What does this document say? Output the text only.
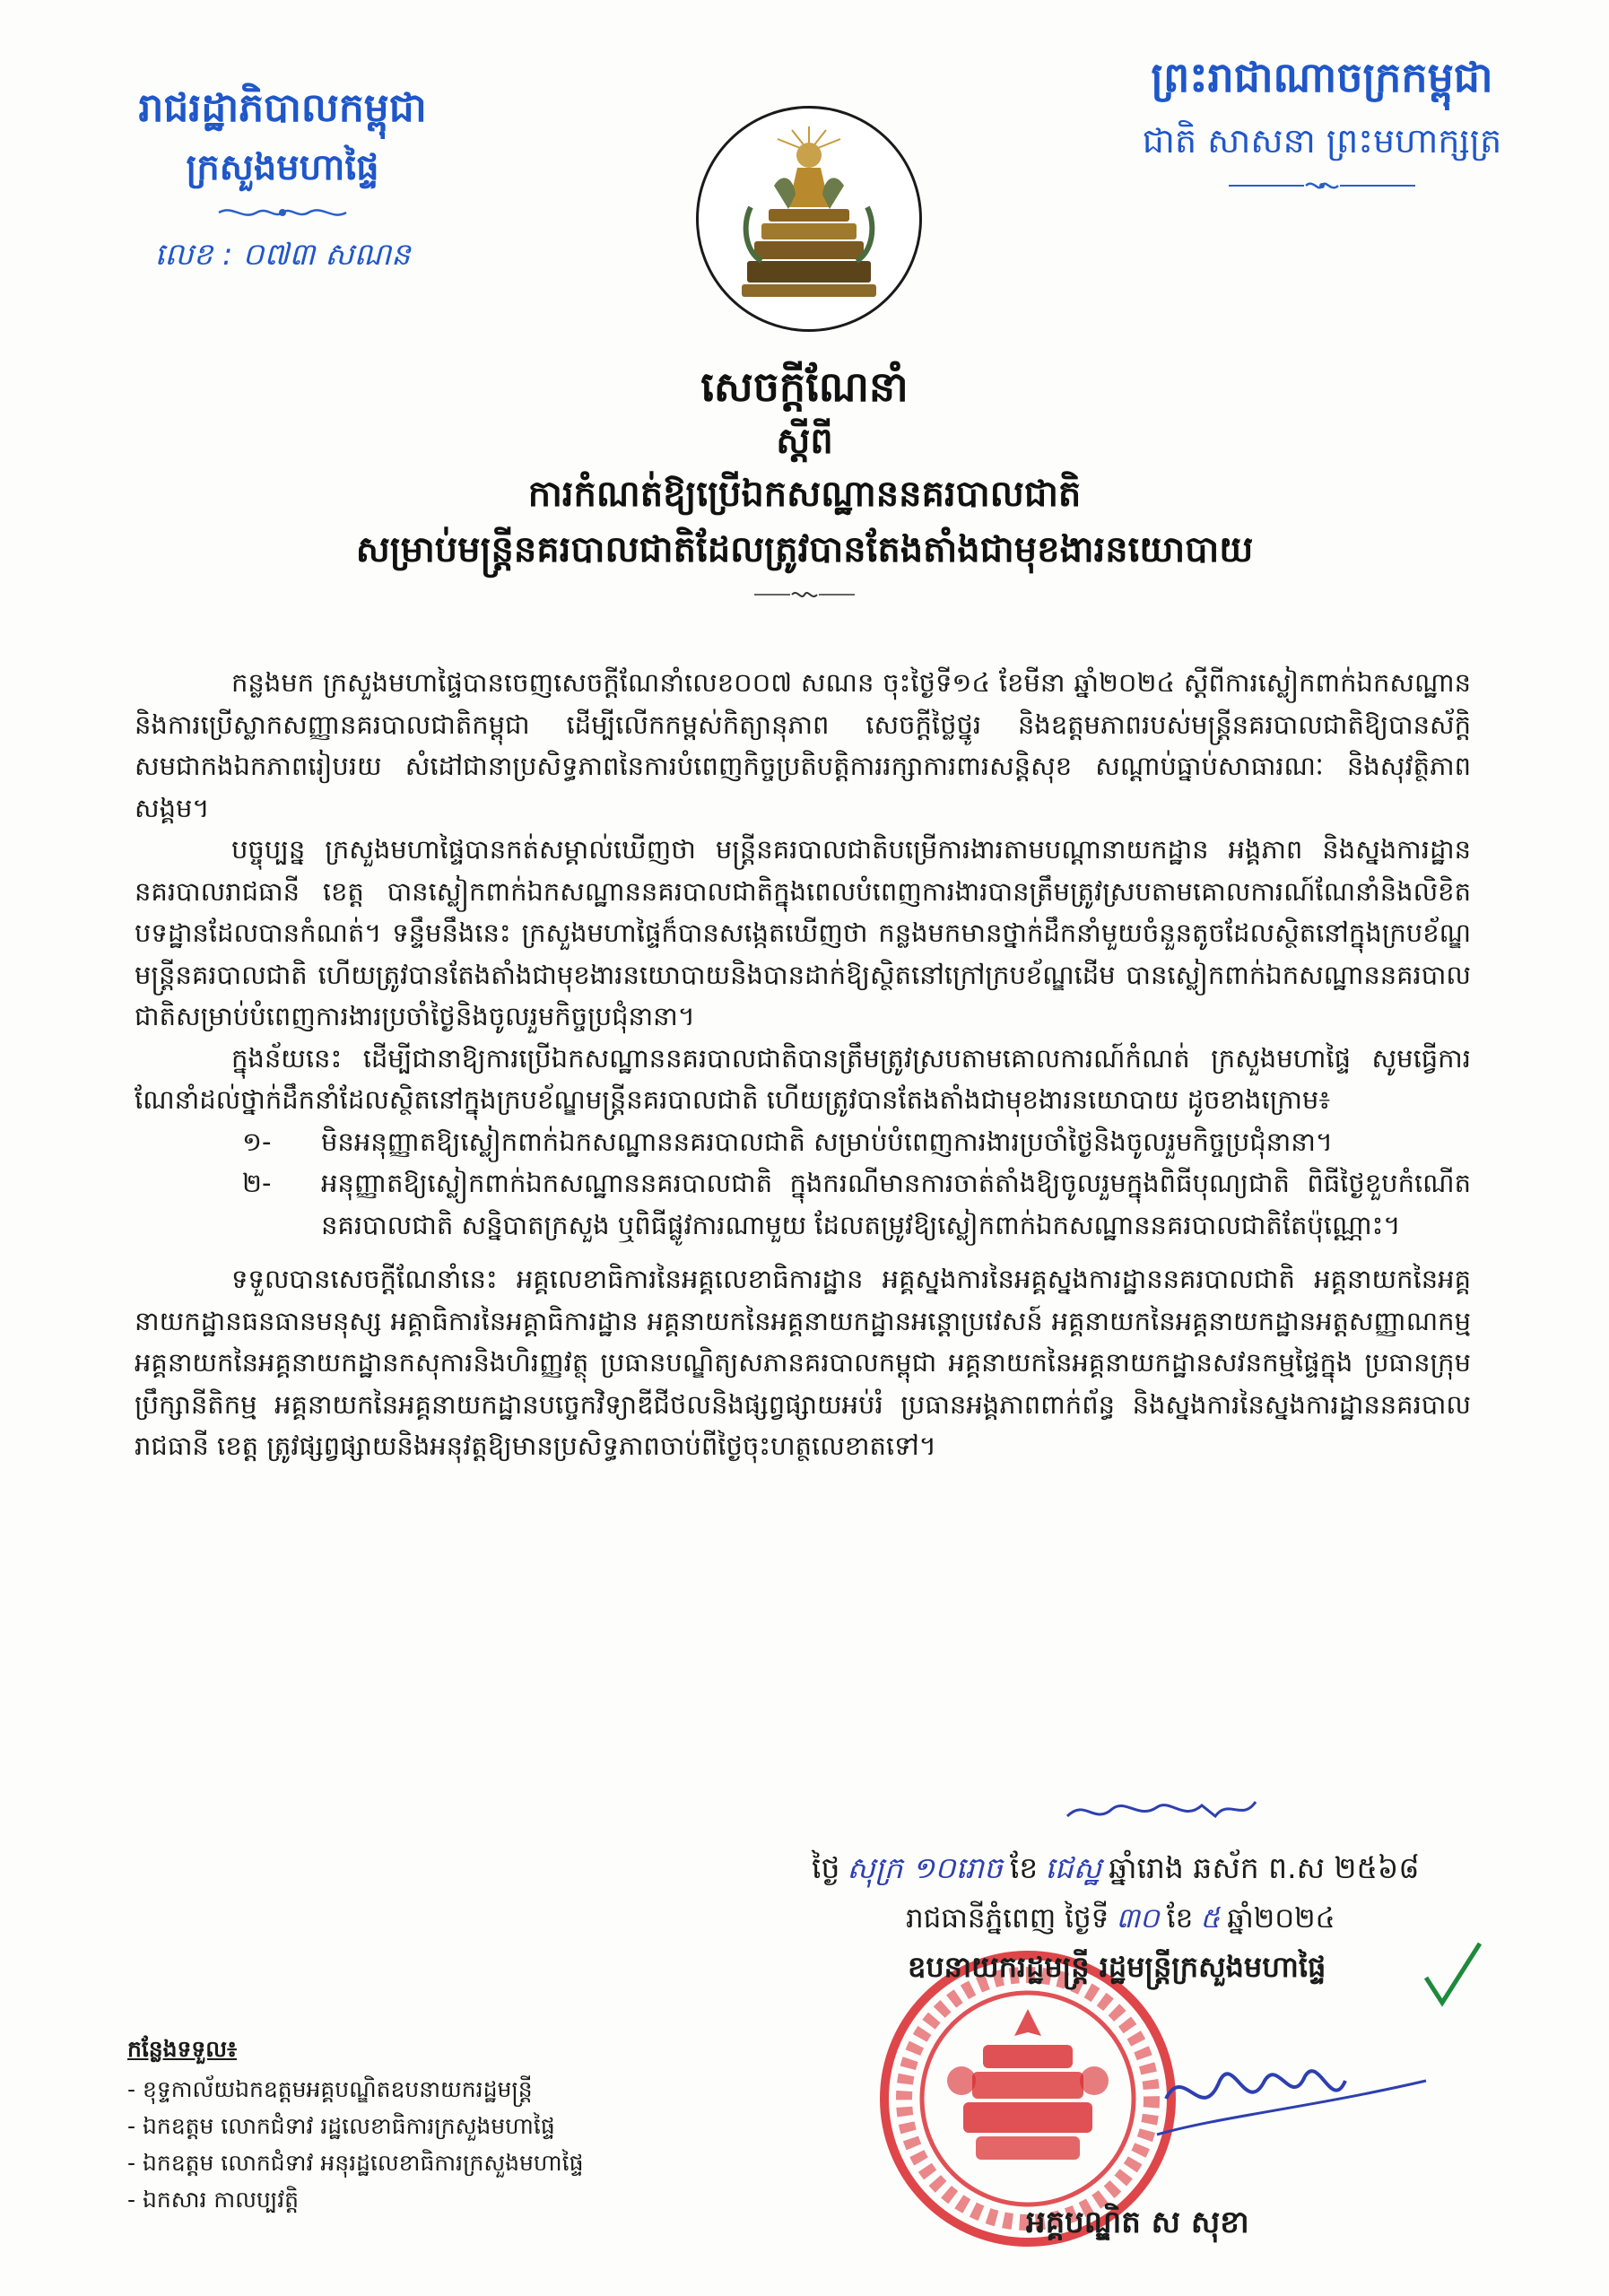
រាជរដ្ឋាភិបាលកម្ពុជា
ក្រសួងមហាផ្ទៃ
លេខ : ០៧៣ សណន
ព្រះរាជាណាចក្រកម្ពុជា
ជាតិ សាសនា ព្រះមហាក្សត្រ
សេចក្តីណែនាំ
ស្តីពី
ការកំណត់ឱ្យប្រើឯកសណ្ឋាននគរបាលជាតិ
សម្រាប់មន្ត្រីនគរបាលជាតិដែលត្រូវបានតែងតាំងជាមុខងារនយោបាយ

កន្លងមក ក្រសួងមហាផ្ទៃបានចេញសេចក្តីណែនាំលេខ០០៧ សណន ចុះថ្ងៃទី១៤ ខែមីនា ឆ្នាំ២០២៤ ស្តីពីការស្លៀកពាក់ឯកសណ្ឋាននិងការប្រើស្លាកសញ្ញានគរបាលជាតិកម្ពុជា ដើម្បីលើកកម្ពស់កិត្យានុភាព សេចក្តីថ្លៃថ្នូរ និងឧត្តមភាពរបស់មន្ត្រីនគរបាលជាតិឱ្យបានស័ក្តិសមជាកងឯកភាពរៀបរយ សំដៅជានាប្រសិទ្ធភាពនៃការបំពេញកិច្ចប្រតិបត្តិការរក្សាការពារសន្តិសុខ សណ្តាប់ធ្នាប់សាធារណៈ និងសុវត្ថិភាពសង្គម។

បច្ចុប្បន្ន ក្រសួងមហាផ្ទៃបានកត់សម្គាល់ឃើញថា មន្ត្រីនគរបាលជាតិបម្រើការងារតាមបណ្តានាយកដ្ឋាន អង្គភាព និងស្នងការដ្ឋាននគរបាលរាជធានី ខេត្ត បានស្លៀកពាក់ឯកសណ្ឋាននគរបាលជាតិក្នុងពេលបំពេញការងារបានត្រឹមត្រូវស្របតាមគោលការណ៍ណែនាំនិងលិខិតបទដ្ឋានដែលបានកំណត់។ ទន្ទឹមនឹងនេះ ក្រសួងមហាផ្ទៃក៏បានសង្កេតឃើញថា កន្លងមកមានថ្នាក់ដឹកនាំមួយចំនួនតូចដែលស្ថិតនៅក្នុងក្របខ័ណ្ឌមន្ត្រីនគរបាលជាតិ ហើយត្រូវបានតែងតាំងជាមុខងារនយោបាយនិងបានដាក់ឱ្យស្ថិតនៅក្រៅក្របខ័ណ្ឌដើម បានស្លៀកពាក់ឯកសណ្ឋាននគរបាលជាតិសម្រាប់បំពេញការងារប្រចាំថ្ងៃនិងចូលរួមកិច្ចប្រជុំនានា។

ក្នុងន័យនេះ ដើម្បីជានាឱ្យការប្រើឯកសណ្ឋាននគរបាលជាតិបានត្រឹមត្រូវស្របតាមគោលការណ៍កំណត់ ក្រសួងមហាផ្ទៃ សូមធ្វើការណែនាំដល់ថ្នាក់ដឹកនាំដែលស្ថិតនៅក្នុងក្របខ័ណ្ឌមន្ត្រីនគរបាលជាតិ ហើយត្រូវបានតែងតាំងជាមុខងារនយោបាយ ដូចខាងក្រោម៖

១- មិនអនុញ្ញាតឱ្យស្លៀកពាក់ឯកសណ្ឋាននគរបាលជាតិ សម្រាប់បំពេញការងារប្រចាំថ្ងៃនិងចូលរួមកិច្ចប្រជុំនានា។

២- អនុញ្ញាតឱ្យស្លៀកពាក់ឯកសណ្ឋាននគរបាលជាតិ ក្នុងករណីមានការចាត់តាំងឱ្យចូលរួមក្នុងពិធីបុណ្យជាតិ ពិធីថ្ងៃខួបកំណើតនគរបាលជាតិ សន្និបាតក្រសួង ឬពិធីផ្លូវការណាមួយ ដែលតម្រូវឱ្យស្លៀកពាក់ឯកសណ្ឋាននគរបាលជាតិតែប៉ុណ្ណោះ។

ទទួលបានសេចក្តីណែនាំនេះ អគ្គលេខាធិការនៃអគ្គលេខាធិការដ្ឋាន អគ្គស្នងការនៃអគ្គស្នងការដ្ឋាននគរបាលជាតិ អគ្គនាយកនៃអគ្គនាយកដ្ឋានធនធានមនុស្ស អគ្គាធិការនៃអគ្គាធិការដ្ឋាន អគ្គនាយកនៃអគ្គនាយកដ្ឋានអន្តោប្រវេសន៍ អគ្គនាយកនៃអគ្គនាយកដ្ឋានអត្តសញ្ញាណកម្ម អគ្គនាយកនៃអគ្គនាយកដ្ឋានកសុការនិងហិរញ្ញវត្ថុ ប្រធានបណ្ឌិត្យសភានគរបាលកម្ពុជា អគ្គនាយកនៃអគ្គនាយកដ្ឋានសវនកម្មផ្ទៃក្នុង ប្រធានក្រុមប្រឹក្សានីតិកម្ម អគ្គនាយកនៃអគ្គនាយកដ្ឋានបច្ចេកវិទ្យាឌីជីថលនិងផ្សព្វផ្សាយអប់រំ ប្រធានអង្គភាពពាក់ព័ន្ធ និងស្នងការនៃស្នងការដ្ឋាននគរបាលរាជធានី ខេត្ត ត្រូវផ្សព្វផ្សាយនិងអនុវត្តឱ្យមានប្រសិទ្ធភាពចាប់ពីថ្ងៃចុះហត្ថលេខាតទៅ។

ថ្ងៃ សុក្រ ១០រោច ខែ ជេស្ឋ ឆ្នាំរោង ឆស័ក ព.ស ២៥៦៨
រាជធានីភ្នំពេញ ថ្ងៃទី ៣០ ខែ ៥ ឆ្នាំ២០២៤
ឧបនាយករដ្ឋមន្ត្រី រដ្ឋមន្ត្រីក្រសួងមហាផ្ទៃ
អគ្គបណ្ឌិត ស សុខា
កន្លែងទទួល៖
- ខុទ្ទកាល័យឯកឧត្តមអគ្គបណ្ឌិតឧបនាយករដ្ឋមន្ត្រី
- ឯកឧត្តម លោកជំទាវ រដ្ឋលេខាធិការក្រសួងមហាផ្ទៃ
- ឯកឧត្តម លោកជំទាវ អនុរដ្ឋលេខាធិការក្រសួងមហាផ្ទៃ
- ឯកសារ កាលប្បវត្តិ
